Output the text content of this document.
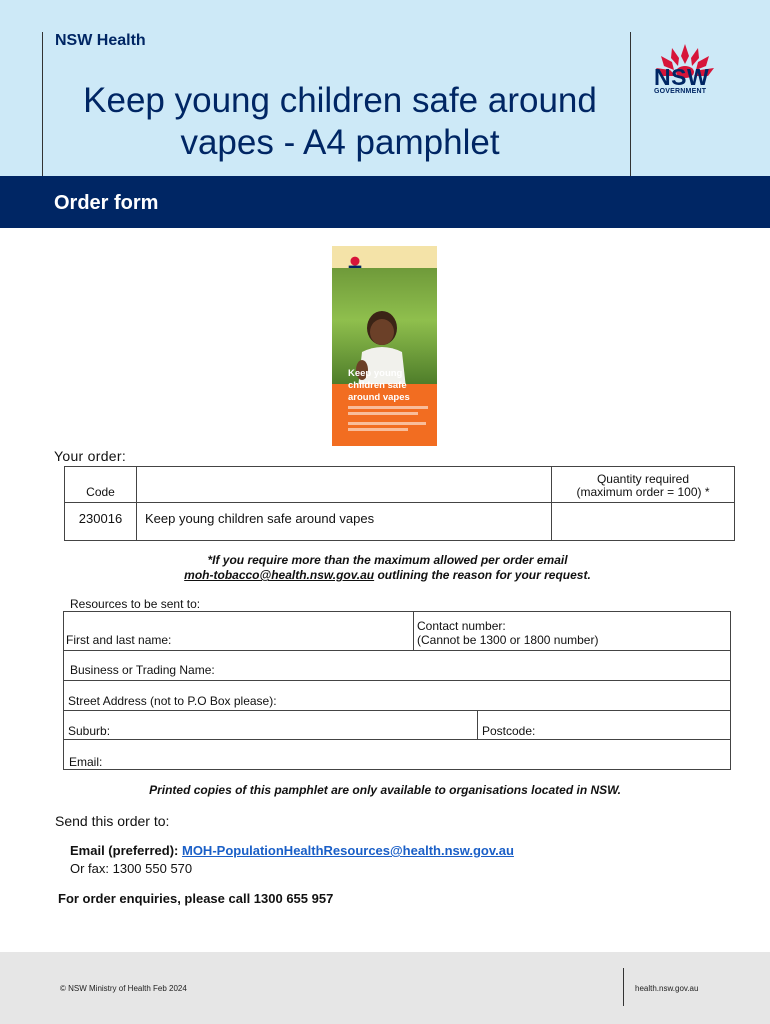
NSW Health
Keep young children safe around vapes - A4 pamphlet
NSW
GOVERNMENT
Order form
Keep young children safe around vapes
Your order:
Code		Quantity required
(maximum order = 100) *
230016	Keep young children safe around vapes	
*If you require more than the maximum allowed per order email
moh-tobacco@health.nsw.gov.au outlining the reason for your request.
Resources to be sent to:
First and last name:
Contact number:
(Cannot be 1300 or 1800 number)
Business or Trading Name:
Street Address (not to P.O Box please):
Suburb:	Postcode:
Email:
Printed copies of this pamphlet are only available to organisations located in NSW.
Send this order to:
Email (preferred): MOH-PopulationHealthResources@health.nsw.gov.au
Or fax: 1300 550 570
For order enquiries, please call 1300 655 957
© NSW Ministry of Health Feb 2024	health.nsw.gov.au
